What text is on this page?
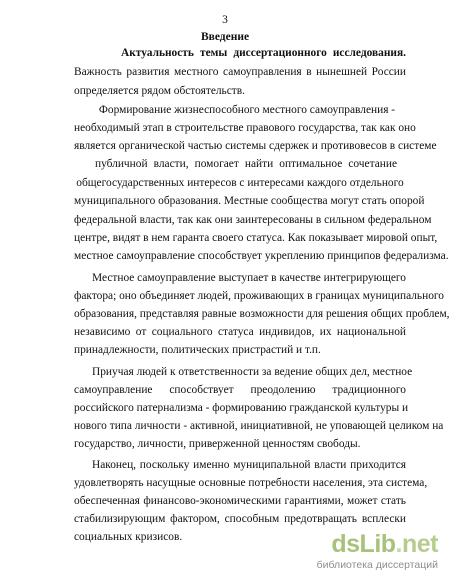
3
Введение
Актуальность темы диссертационного исследования.
Важность развития местного самоуправления в нынешней России
определяется рядом обстоятельств.
Формирование жизнеспособного местного самоуправления -
необходимый этап в строительстве правового государства, так как оно
является органической частью системы сдержек и противовесов в системе
публичной власти, помогает найти оптимальное сочетание
общегосударственных интересов с интересами каждого отдельного
муниципального образования. Местные сообщества могут стать опорой
федеральной власти, так как они заинтересованы в сильном федеральном
центре, видят в нем гаранта своего статуса. Как показывает мировой опыт,
местное самоуправление способствует укреплению принципов федерализма.
Местное самоуправление выступает в качестве интегрирующего
фактора; оно объединяет людей, проживающих в границах муниципального
образования, представляя равные возможности для решения общих проблем,
независимо от социального статуса индивидов, их национальной
принадлежности, политических пристрастий и т.п.
Приучая людей к ответственности за ведение общих дел, местное
самоуправление способствует преодолению традиционного
российского патернализма - формированию гражданской культуры и
нового типа личности - активной, инициативной, не уповающей целиком на
государство, личности, приверженной ценностям свободы.
Наконец, поскольку именно муниципальной власти приходится
удовлетворять насущные основные потребности населения, эта система,
обеспеченная финансово-экономическими гарантиями, может стать
стабилизирующим фактором, способным предотвращать всплески
социальных кризисов.	dsLib.net
библиотека диссертаций
